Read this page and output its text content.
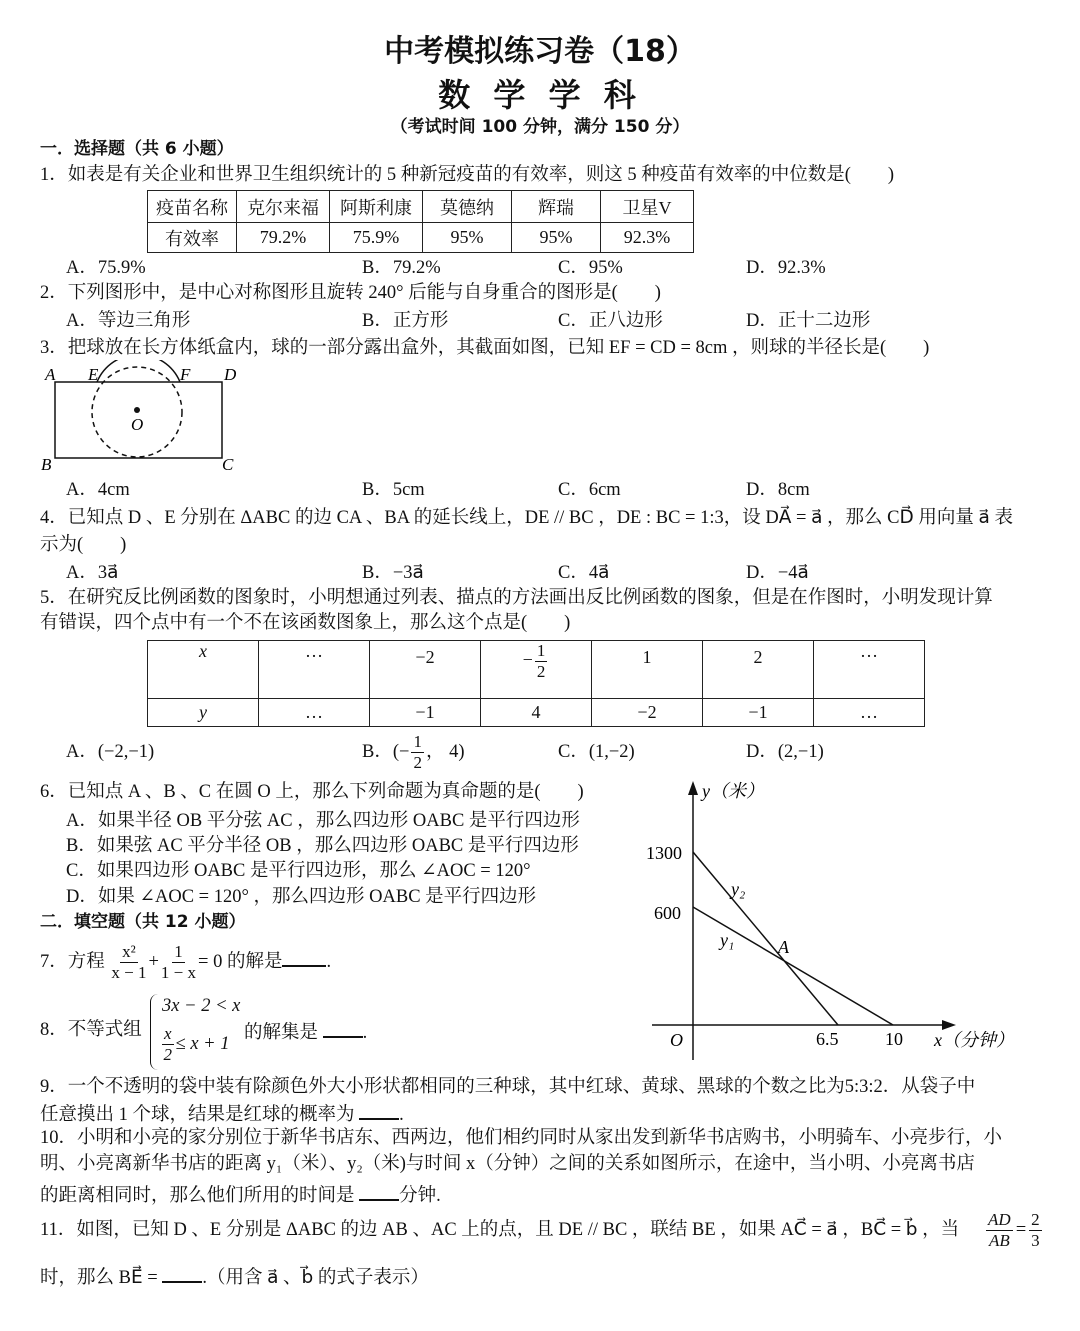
中考模拟练习卷（18）
数 学 学 科
（考试时间 100 分钟，满分 150 分）
一．选择题（共 6 小题）
1．如表是有关企业和世界卫生组织统计的 5 种新冠疫苗的有效率，则这 5 种疫苗有效率的中位数是(　　)
疫苗名称	克尔来福	阿斯利康	莫德纳	辉瑞	卫星V
有效率	79.2%	75.9%	95%	95%	92.3%
A．75.9%	B．79.2%	C．95%	D．92.3%
2．下列图形中，是中心对称图形且旋转 240° 后能与自身重合的图形是(　　)
A．等边三角形	B．正方形	C．正八边形	D．正十二边形
3．把球放在长方体纸盒内，球的一部分露出盒外，其截面如图，已知 EF = CD = 8cm ，则球的半径长是(　　)
A E	F D
B	C
O
A．4cm	B．5cm	C．6cm	D．8cm
4．已知点 D 、E 分别在 ΔABC 的边 CA 、BA 的延长线上，DE // BC ，DE : BC = 1:3，设 DA⃗ = a⃗ ，那么 CD⃗ 用向量 a⃗ 表
示为(　　)
A．3a⃗	B．−3a⃗	C．4a⃗	D．−4a⃗
5．在研究反比例函数的图象时，小明想通过列表、描点的方法画出反比例函数的图象，但是在作图时，小明发现计算
有错误，四个点中有一个不在该函数图象上，那么这个点是(　　)
x	…	−2	− $\frac{1}{2}$	1	2	…
y	…	−1	4	−2	−1	…
A．(−2,−1)	B．(− $\frac{1}{2}$ ， 4)	C．(1,−2)	D．(2,−1)
6．已知点 A 、B 、C 在圆 O 上，那么下列命题为真命题的是(　　)
A．如果半径 OB 平分弦 AC ，那么四边形 OABC 是平行四边形
B．如果弦 AC 平分半径 OB ，那么四边形 OABC 是平行四边形
C．如果四边形 OABC 是平行四边形，那么 ∠AOC = 120°
D．如果 ∠AOC = 120° ，那么四边形 OABC 是平行四边形
二．填空题（共 12 小题）
7．方程 $\frac{\text{x²}}{x - 1} + \frac{1}{1 - x} = 0$ 的解是 .
8．不等式组
3x − 2 < x
$\frac{x}{2} \le x + 1$
的解集是 .
9．一个不透明的袋中装有除颜色外大小形状都相同的三种球，其中红球、黄球、黑球的个数之比为5:3:2．从袋子中
任意摸出 1 个球，结果是红球的概率为 .
10．小明和小亮的家分别位于新华书店东、西两边，他们相约同时从家出发到新华书店购书，小明骑车、小亮步行，小
明、小亮离新华书店的距离 y₁（米）、y₂（米)与时间 x（分钟）之间的关系如图所示，在途中，当小明、小亮离书店
的距离相同时，那么他们所用的时间是 分钟.
11．如图，已知 D 、E 分别是 ΔABC 的边 AB 、AC 上的点，且 DE // BC ，联结 BE ，如果 AC⃗ = a⃗ ，BC⃗ = b⃗ ，当 $\frac{AD}{AB} = \frac{2}{3}$
时，那么 BE⃗ = .（用含 a⃗ 、b⃗ 的式子表示）
y（米）
x（分钟）
O
1300
600
6.5	10
y₂
y₁ A
